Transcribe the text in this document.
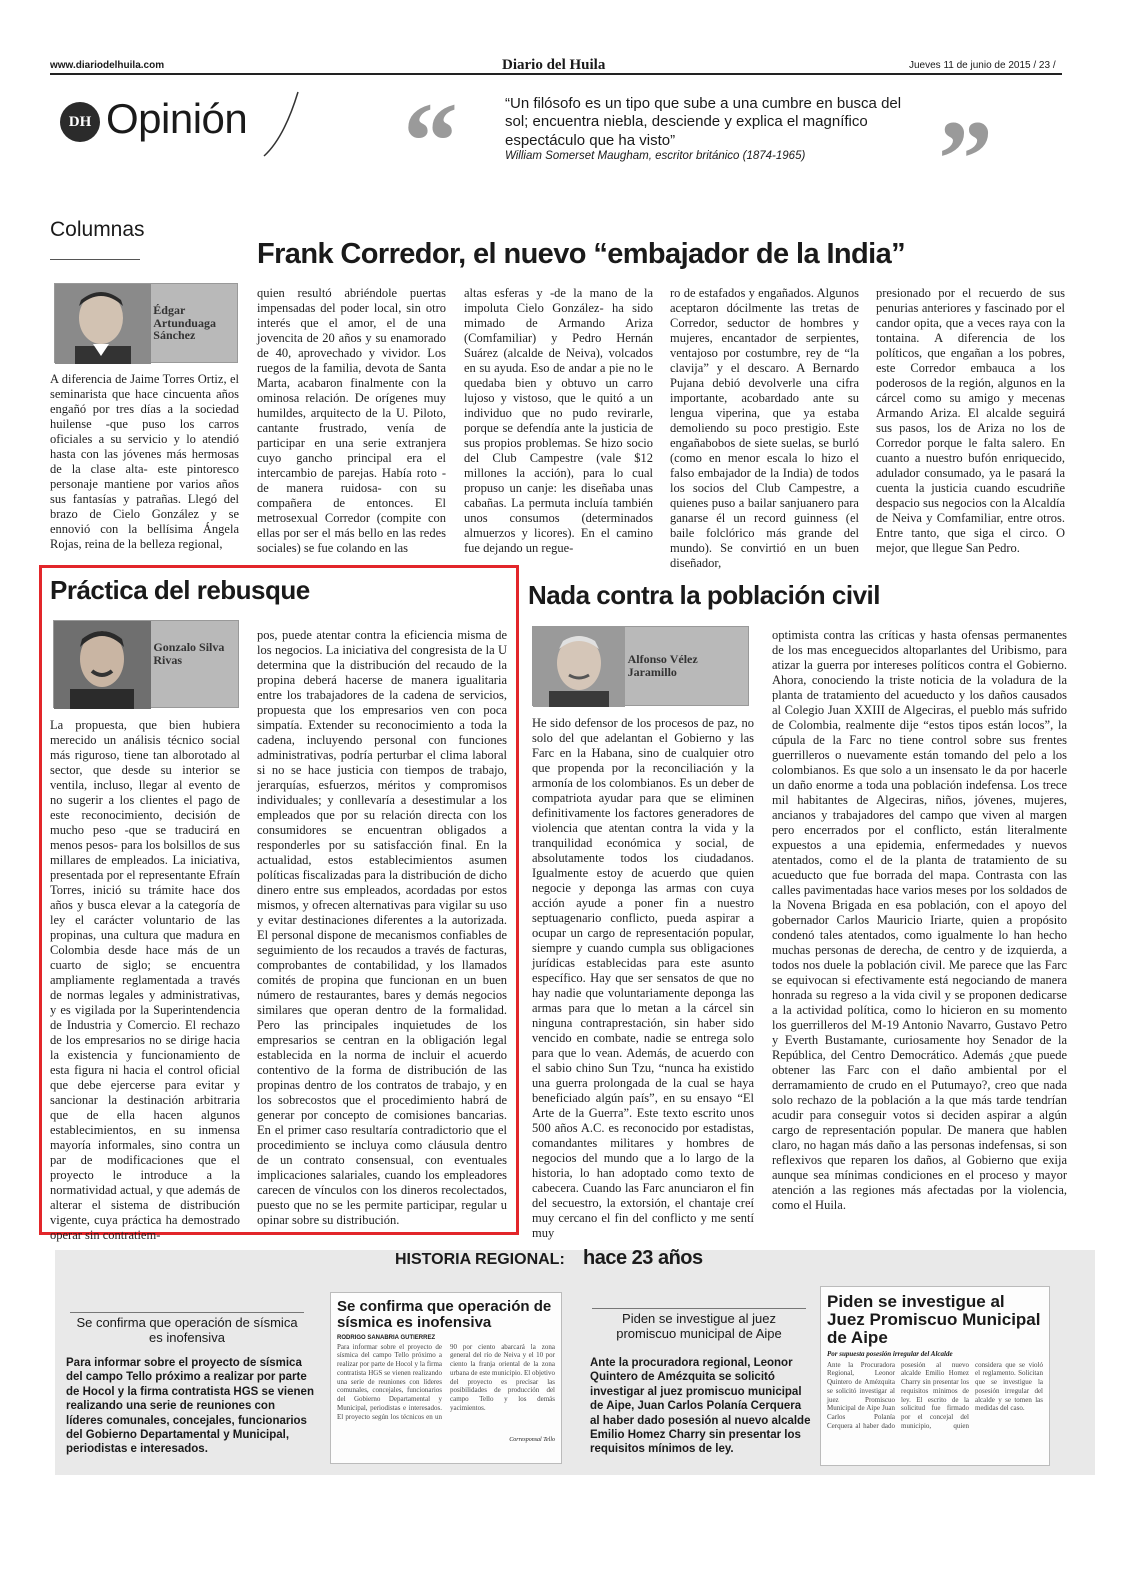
www.diariodelhuila.com	Diario del Huila	Jueves 11 de junio de 2015 / 23 /
DH Opinión “	“Un filósofo es un tipo que sube a una cumbre en busca del sol; encuentra niebla, desciende y explica el magnífico espectáculo que ha visto”
William Somerset Maugham, escritor británico (1874-1965) ”
Columnas
Frank Corredor, el nuevo “embajador de la India”
Édgar Artunduaga Sánchez
A diferencia de Jaime Torres Ortiz, el seminarista que hace cincuenta años engañó por tres días a la sociedad huilense -que puso los carros oficiales a su servicio y lo atendió hasta con las jóvenes más hermosas de la clase alta- este pintoresco personaje mantiene por varios años sus fantasías y patrañas. Llegó del brazo de Cielo González y se ennovió con la bellísima Ángela Rojas, reina de la belleza regional,
quien resultó abriéndole puertas impensadas del poder local, sin otro interés que el amor, el de una jovencita de 20 años y su enamorado de 40, aprovechado y vividor. Los ruegos de la familia, devota de Santa Marta, acabaron finalmente con la ominosa relación. De orígenes muy humildes, arquitecto de la U. Piloto, cantante frustrado, venía de participar en una serie extranjera cuyo gancho principal era el intercambio de parejas. Había roto -de manera ruidosa- con su compañera de entonces. El metrosexual Corredor (compite con ellas por ser el más bello en las redes sociales) se fue colando en las
altas esferas y -de la mano de la impoluta Cielo González- ha sido mimado de Armando Ariza (Comfamiliar) y Pedro Hernán Suárez (alcalde de Neiva), volcados en su ayuda. Eso de andar a pie no le quedaba bien y obtuvo un carro lujoso y vistoso, que le quitó a un individuo que no pudo revirarle, porque se defendía ante la justicia de sus propios problemas. Se hizo socio del Club Campestre (vale $12 millones la acción), para lo cual propuso un canje: les diseñaba unas cabañas. La permuta incluía también unos consumos (determinados almuerzos y licores). En el camino fue dejando un regue-
ro de estafados y engañados. Algunos aceptaron dócilmente las tretas de Corredor, seductor de hombres y mujeres, encantador de serpientes, ventajoso por costumbre, rey de “la clavija” y el descaro. A Bernardo Pujana debió devolverle una cifra importante, acobardado ante su lengua viperina, que ya estaba demoliendo su poco prestigio. Este engañabobos de siete suelas, se burló (como en menor escala lo hizo el falso embajador de la India) de todos los socios del Club Campestre, a quienes puso a bailar sanjuanero para ganarse él un record guinness (el baile folclórico más grande del mundo). Se convirtió en un buen diseñador,
presionado por el recuerdo de sus penurias anteriores y fascinado por el candor opita, que a veces raya con la tontaina. A diferencia de los políticos, que engañan a los pobres, este Corredor embauca a los poderosos de la región, algunos en la cárcel como su amigo y mecenas Armando Ariza. El alcalde seguirá sus pasos, los de Ariza no los de Corredor porque le falta salero. En cuanto a nuestro bufón enriquecido, adulador consumado, ya le pasará la cuenta la justicia cuando escudriñe despacio sus negocios con la Alcaldía de Neiva y Comfamiliar, entre otros. Entre tanto, que siga el circo. O mejor, que llegue San Pedro.
Práctica del rebusque
Gonzalo Silva Rivas
La propuesta, que bien hubiera merecido un análisis técnico social más riguroso, tiene tan alborotado al sector, que desde su interior se ventila, incluso, llegar al evento de no sugerir a los clientes el pago de este reconocimiento, decisión de mucho peso -que se traducirá en menos pesos- para los bolsillos de sus millares de empleados. La iniciativa, presentada por el representante Efraín Torres, inició su trámite hace dos años y busca elevar a la categoría de ley el carácter voluntario de las propinas, una cultura que madura en Colombia desde hace más de un cuarto de siglo; se encuentra ampliamente reglamentada a través de normas legales y administrativas, y es vigilada por la Superintendencia de Industria y Comercio. El rechazo de los empresarios no se dirige hacia la existencia y funcionamiento de esta figura ni hacia el control oficial que debe ejercerse para evitar y sancionar la destinación arbitraria que de ella hacen algunos establecimientos, en su inmensa mayoría informales, sino contra un par de modificaciones que el proyecto le introduce a la normatividad actual, y que además de alterar el sistema de distribución vigente, cuya práctica ha demostrado operar sin contratiem-
pos, puede atentar contra la eficiencia misma de los negocios. La iniciativa del congresista de la U determina que la distribución del recaudo de la propina deberá hacerse de manera igualitaria entre los trabajadores de la cadena de servicios, propuesta que los empresarios ven con poca simpatía. Extender su reconocimiento a toda la cadena, incluyendo personal con funciones administrativas, podría perturbar el clima laboral si no se hace justicia con tiempos de trabajo, jerarquías, esfuerzos, méritos y compromisos individuales; y conllevaría a desestimular a los empleados que por su relación directa con los consumidores se encuentran obligados a responderles por su satisfacción final. En la actualidad, estos establecimientos asumen políticas fiscalizadas para la distribución de dicho dinero entre sus empleados, acordadas por estos mismos, y ofrecen alternativas para vigilar su uso y evitar destinaciones diferentes a la autorizada. El personal dispone de mecanismos confiables de seguimiento de los recaudos a través de facturas, comprobantes de contabilidad, y los llamados comités de propina que funcionan en un buen número de restaurantes, bares y demás negocios similares que operan dentro de la formalidad. Pero las principales inquietudes de los empresarios se centran en la obligación legal establecida en la norma de incluir el acuerdo contentivo de la forma de distribución de las propinas dentro de los contratos de trabajo, y en los sobrecostos que el procedimiento habrá de generar por concepto de comisiones bancarias. En el primer caso resultaría contradictorio que el procedimiento se incluya como cláusula dentro de un contrato consensual, con eventuales implicaciones salariales, cuando los empleadores carecen de vínculos con los dineros recolectados, puesto que no se les permite participar, regular u opinar sobre su distribución.
Nada contra la población civil
Alfonso Vélez Jaramillo
He sido defensor de los procesos de paz, no solo del que adelantan el Gobierno y las Farc en la Habana, sino de cualquier otro que propenda por la reconciliación y la armonía de los colombianos. Es un deber de compatriota ayudar para que se eliminen definitivamente los factores generadores de violencia que atentan contra la vida y la tranquilidad económica y social, de absolutamente todos los ciudadanos. Igualmente estoy de acuerdo que quien negocie y deponga las armas con cuya acción ayude a poner fin a nuestro septuagenario conflicto, pueda aspirar a ocupar un cargo de representación popular, siempre y cuando cumpla sus obligaciones jurídicas establecidas para este asunto específico. Hay que ser sensatos de que no hay nadie que voluntariamente deponga las armas para que lo metan a la cárcel sin ninguna contraprestación, sin haber sido vencido en combate, nadie se entrega solo para que lo vean. Además, de acuerdo con el sabio chino Sun Tzu, “nunca ha existido una guerra prolongada de la cual se haya beneficiado algún país”, en su ensayo “El Arte de la Guerra”. Este texto escrito unos 500 años A.C. es reconocido por estadistas, comandantes militares y hombres de negocios del mundo que a lo largo de la historia, lo han adoptado como texto de cabecera. Cuando las Farc anunciaron el fin del secuestro, la extorsión, el chantaje creí muy cercano el fin del conflicto y me sentí muy
optimista contra las críticas y hasta ofensas permanentes de los mas enceguecidos altoparlantes del Uribismo, para atizar la guerra por intereses políticos contra el Gobierno. Ahora, conociendo la triste noticia de la voladura de la planta de tratamiento del acueducto y los daños causados al Colegio Juan XXIII de Algeciras, el pueblo más sufrido de Colombia, realmente dije “estos tipos están locos”, la cúpula de la Farc no tiene control sobre sus frentes guerrilleros o nuevamente están tomando del pelo a los colombianos. Es que solo a un insensato le da por hacerle un daño enorme a toda una población indefensa. Los trece mil habitantes de Algeciras, niños, jóvenes, mujeres, ancianos y trabajadores del campo que viven al margen pero encerrados por el conflicto, están literalmente expuestos a una epidemia, enfermedades y nuevos atentados, como el de la planta de tratamiento de su acueducto que fue borrada del mapa. Contrasta con las calles pavimentadas hace varios meses por los soldados de la Novena Brigada en esa población, con el apoyo del gobernador Carlos Mauricio Iriarte, quien a propósito condenó tales atentados, como igualmente lo han hecho muchas personas de derecha, de centro y de izquierda, a todos nos duele la población civil. Me parece que las Farc se equivocan si efectivamente está negociando de manera honrada su regreso a la vida civil y se proponen dedicarse a la actividad política, como lo hicieron en su momento los guerrilleros del M-19 Antonio Navarro, Gustavo Petro y Everth Bustamante, curiosamente hoy Senador de la República, del Centro Democrático. Además ¿que puede obtener las Farc con el daño ambiental por el derramamiento de crudo en el Putumayo?, creo que nada solo rechazo de la población a la que más tarde tendrían acudir para conseguir votos si deciden aspirar a algún cargo de representación popular. De manera que hablen claro, no hagan más daño a las personas indefensas, si son reflexivos que reparen los daños, al Gobierno que exija aunque sea mínimas condiciones en el proceso y mayor atención a las regiones más afectadas por la violencia, como el Huila.
HISTORIA REGIONAL: hace 23 años
Se confirma que operación de sísmica es inofensiva
Para informar sobre el proyecto de sísmica del campo Tello próximo a realizar por parte de Hocol y la firma contratista HGS se vienen realizando una serie de reuniones con líderes comunales, concejales, funcionarios del Gobierno Departamental y Municipal, periodistas e interesados.
Se confirma que operación de sísmica es inofensiva
RODRIGO SANABRIA GUTIERREZ
Para informar sobre el proyecto de sísmica del campo Tello próximo a realizar por parte de Hocol y la firma contratista HGS se vienen realizando una serie de reuniones con líderes comunales, concejales, funcionarios del Gobierno Departamental y Municipal, periodistas e interesados. El proyecto según los técnicos en un 90 por ciento abarcará la zona general del río de Neiva y el 10 por ciento la franja oriental de la zona urbana de este municipio. El objetivo del proyecto es precisar las posibilidades de producción del campo Tello y los demás yacimientos.
Corresponsal Tello
Piden se investigue al juez promiscuo municipal de Aipe
Ante la procuradora regional, Leonor Quintero de Amézquita se solicitó investigar al juez promiscuo municipal de Aipe, Juan Carlos Polanía Cerquera al haber dado posesión al nuevo alcalde Emilio Homez Charry sin presentar los requisitos mínimos de ley.
Piden se investigue al Juez Promiscuo Municipal de Aipe
Por supuesta posesión irregular del Alcalde
Ante la Procuradora Regional, Leonor Quintero de Amézquita se solicitó investigar al juez Promiscuo Municipal de Aipe Juan Carlos Polanía Cerquera al haber dado posesión al nuevo alcalde Emilio Homez Charry sin presentar los requisitos mínimos de ley. El escrito de la solicitud fue firmado por el concejal del municipio, quien considera que se violó el reglamento. Solicitan que se investigue la posesión irregular del alcalde y se tomen las medidas del caso.
